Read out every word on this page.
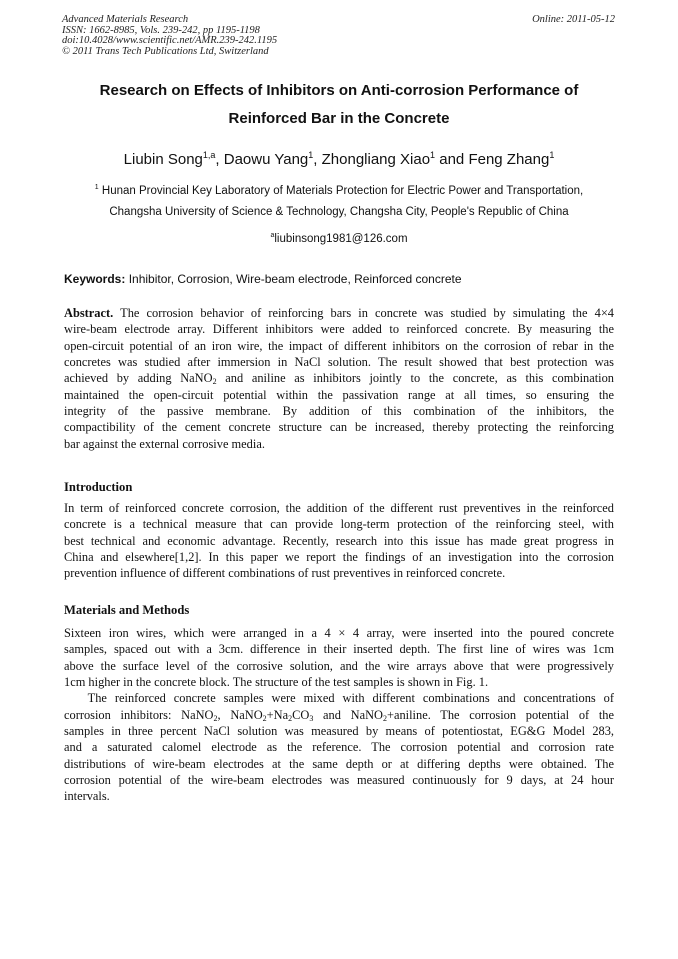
Advanced Materials Research
ISSN: 1662-8985, Vols. 239-242, pp 1195-1198
doi:10.4028/www.scientific.net/AMR.239-242.1195
© 2011 Trans Tech Publications Ltd, Switzerland
Online: 2011-05-12
Research on Effects of Inhibitors on Anti-corrosion Performance of
Reinforced Bar in the Concrete
Liubin Song$^{1,a}$, Daowu Yang$^1$, Zhongliang Xiao$^1$ and Feng Zhang$^1$
$^1$ Hunan Provincial Key Laboratory of Materials Protection for Electric Power and Transportation,
Changsha University of Science & Technology, Changsha City, People's Republic of China
$^a$liubinsong1981@126.com
Keywords: Inhibitor, Corrosion, Wire-beam electrode, Reinforced concrete
Abstract. The corrosion behavior of reinforcing bars in concrete was studied by simulating the 4×4
wire-beam electrode array. Different inhibitors were added to reinforced concrete. By measuring the
open-circuit potential of an iron wire, the impact of different inhibitors on the corrosion of rebar in the
concretes was studied after immersion in NaCl solution. The result showed that best protection was
achieved by adding NaNO$_2$ and aniline as inhibitors jointly to the concrete, as this combination
maintained the open-circuit potential within the passivation range at all times, so ensuring the
integrity of the passive membrane. By addition of this combination of the inhibitors, the
compactibility of the cement concrete structure can be increased, thereby protecting the reinforcing
bar against the external corrosive media.
Introduction
In term of reinforced concrete corrosion, the addition of the different rust preventives in the reinforced
concrete is a technical measure that can provide long-term protection of the reinforcing steel, with
best technical and economic advantage. Recently, research into this issue has made great progress in
China and elsewhere[1,2]. In this paper we report the findings of an investigation into the corrosion
prevention influence of different combinations of rust preventives in reinforced concrete.
Materials and Methods
Sixteen iron wires, which were arranged in a 4 × 4 array, were inserted into the poured concrete
samples, spaced out with a 3cm. difference in their inserted depth. The first line of wires was 1cm
above the surface level of the corrosive solution, and the wire arrays above that were progressively
1cm higher in the concrete block. The structure of the test samples is shown in Fig. 1.
The reinforced concrete samples were mixed with different combinations and concentrations of
corrosion inhibitors: NaNO$_2$, $NaNO_2+Na_2CO_3$ and NaNO$_2$+aniline. The corrosion potential of the
samples in three percent NaCl solution was measured by means of potentiostat, EG&G Model 283,
and a saturated calomel electrode as the reference. The corrosion potential and corrosion rate
distributions of wire-beam electrodes at the same depth or at differing depths were obtained. The
corrosion potential of the wire-beam electrodes was measured continuously for 9 days, at 24 hour
intervals.
